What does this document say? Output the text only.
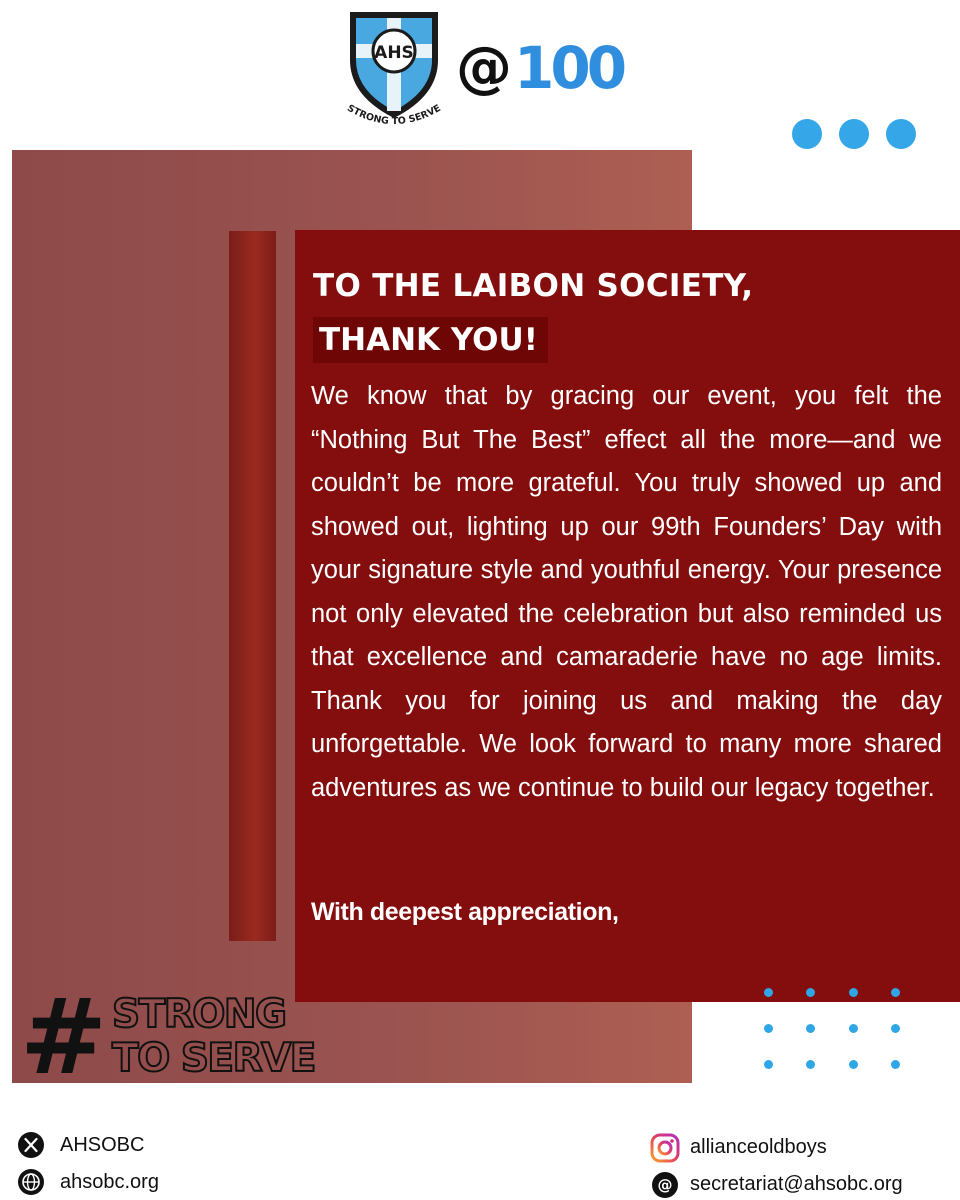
AHS
STRONG TO SERVE
@ 100
TO THE LAIBON SOCIETY,
THANK YOU!

We know that by gracing our event, you felt the “Nothing But The Best” effect all the more—and we couldn’t be more grateful. You truly showed up and showed out, lighting up our 99th Founders’ Day with your signature style and youthful energy. Your presence not only elevated the celebration but also reminded us that excellence and camaraderie have no age limits. Thank you for joining us and making the day unforgettable. We look forward to many more shared adventures as we continue to build our legacy together.

With deepest appreciation,

# STRONG
TO SERVE
AHSOBC
ahsobc.org
allianceoldboys
@ secretariat@ahsobc.org
